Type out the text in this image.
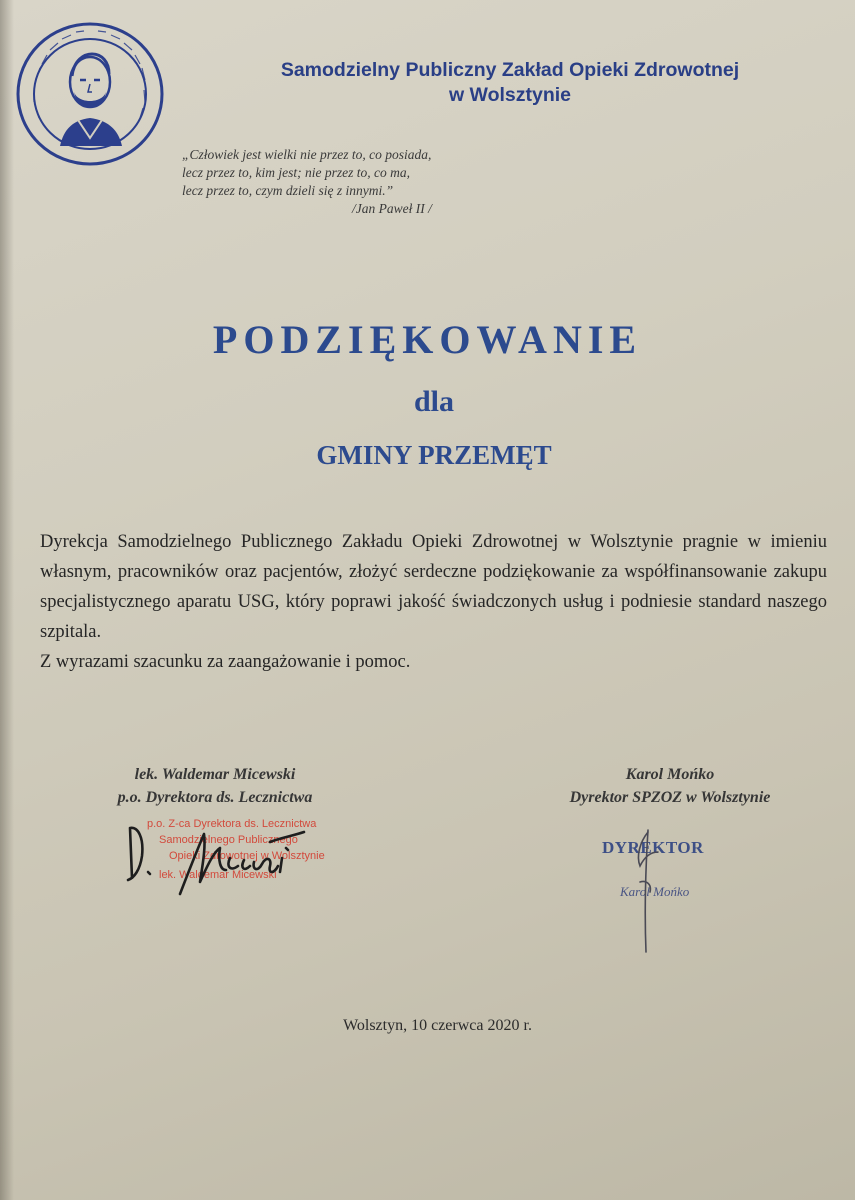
Samodzielny Publiczny Zakład Opieki Zdrowotnej
w Wolsztynie
„Człowiek jest wielki nie przez to, co posiada,
lecz przez to, kim jest; nie przez to, co ma,
lecz przez to, czym dzieli się z innymi.”
/Jan Paweł II /
PODZIĘKOWANIE
dla
GMINY PRZEMĘT

Dyrekcja Samodzielnego Publicznego Zakładu Opieki Zdrowotnej w Wolsztynie pragnie w imieniu własnym, pracowników oraz pacjentów, złożyć serdeczne podziękowanie za współfinansowanie zakupu specjalistycznego aparatu USG, który poprawi jakość świadczonych usług i podniesie standard naszego szpitala.

Z wyrazami szacunku za zaangażowanie i pomoc.

lek. Waldemar Micewski
p.o. Dyrektora ds. Lecznictwa
p.o. Z-ca Dyrektora ds. Lecznictwa
Samodzielnego Publicznego
Opieki Zdrowotnej w Wolsztynie
lek. Waldemar Micewski
Karol Mońko
Dyrektor SPZOZ w Wolsztynie
DYREKTOR
Karol Mońko
Wolsztyn, 10 czerwca 2020 r.
